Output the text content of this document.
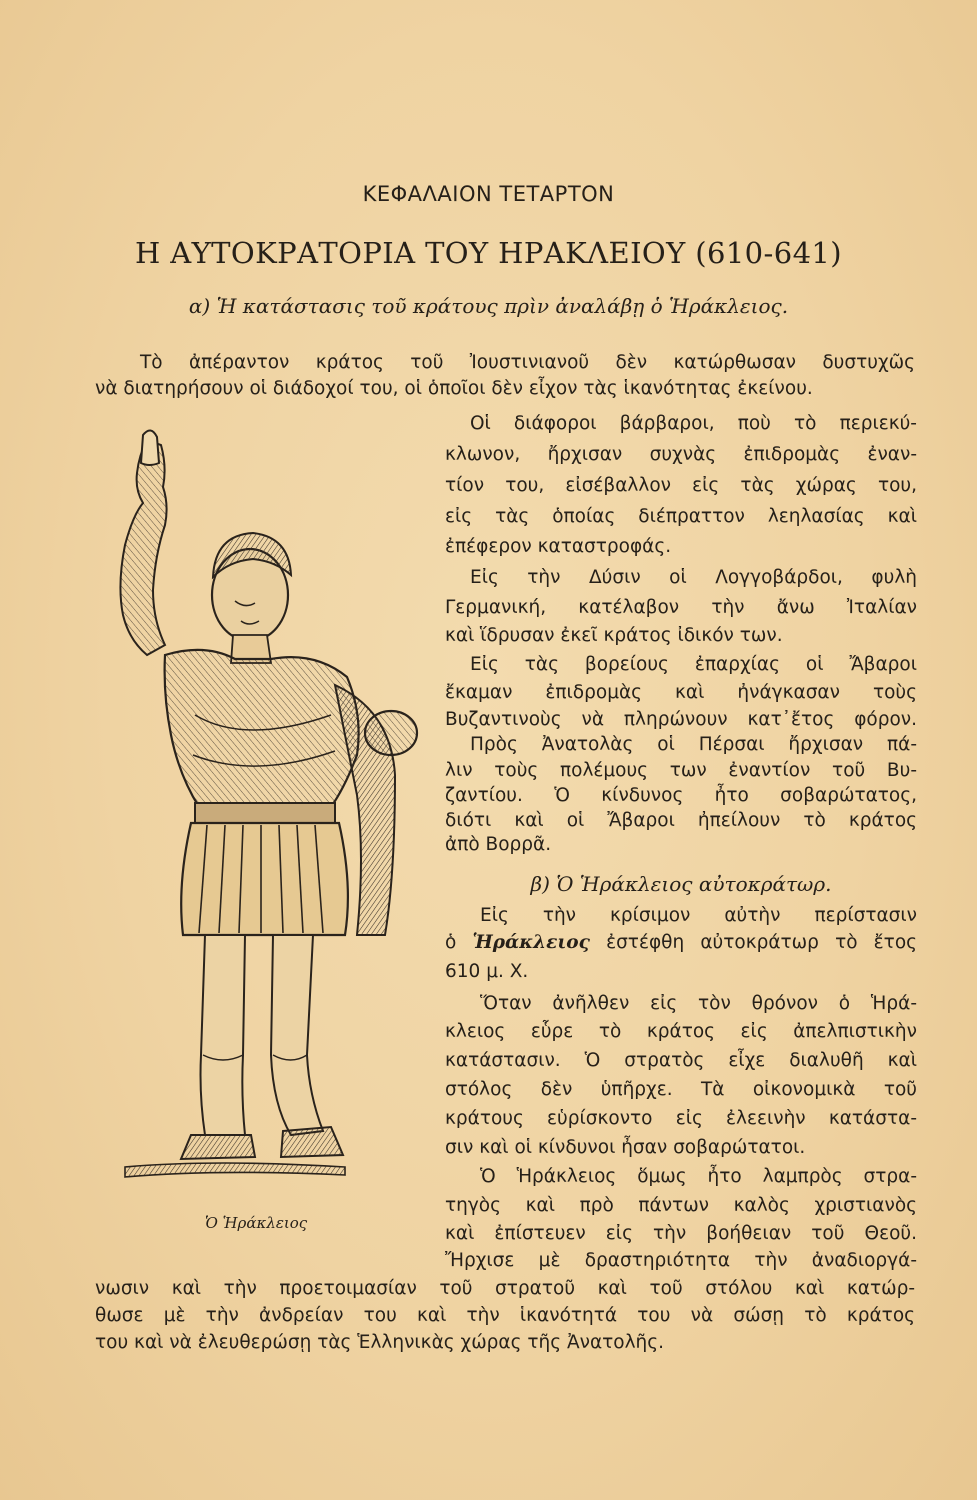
ΚΕΦΑΛΑΙΟΝ ΤΕΤΑΡΤΟΝ
Η ΑΥΤΟΚΡΑΤΟΡΙΑ ΤΟΥ ΗΡΑΚΛΕΙΟΥ (610-641)
α) Ἡ κατάστασις τοῦ κράτους πρὶν ἀναλάβῃ ὁ Ἡράκλειος.
Τὸ ἀπέραντον κράτος τοῦ Ἰουστινιανοῦ δὲν κατώρθωσαν δυστυχῶς
νὰ διατηρήσουν οἱ διάδοχοί του, οἱ ὁποῖοι δὲν εἶχον τὰς ἱκανότητας ἐκείνου.
Οἱ διάφοροι βάρβαροι, ποὺ τὸ περιεκύ-
κλωνον, ἤρχισαν συχνὰς ἐπιδρομὰς ἐναν-
τίον του, εἰσέβαλλον εἰς τὰς χώρας του,
εἰς τὰς ὁποίας διέπραττον λεηλασίας καὶ
ἐπέφερον καταστροφάς.
Εἰς τὴν Δύσιν οἱ Λογγοβάρδοι, φυλὴ
Γερμανική, κατέλαβον τὴν ἄνω Ἰταλίαν
καὶ ἵδρυσαν ἐκεῖ κράτος ἰδικόν των.
Εἰς τὰς βορείους ἐπαρχίας οἱ Ἄβαροι
ἔκαμαν ἐπιδρομὰς καὶ ἠνάγκασαν τοὺς
Βυζαντινοὺς νὰ πληρώνουν κατ᾽ἔτος φόρον.
Πρὸς Ἀνατολὰς οἱ Πέρσαι ἤρχισαν πά-
λιν τοὺς πολέμους των ἐναντίον τοῦ Βυ-
ζαντίου. Ὁ κίνδυνος ἦτο σοβαρώτατος,
διότι καὶ οἱ Ἄβαροι ἠπείλουν τὸ κράτος
ἀπὸ Βορρᾶ.
β) Ὁ Ἡράκλειος αὐτοκράτωρ.
Εἰς τὴν κρίσιμον αὐτὴν περίστασιν
ὁ Ἡράκλειος ἐστέφθη αὐτοκράτωρ τὸ ἔτος
610 μ. Χ.
Ὅταν ἀνῆλθεν εἰς τὸν θρόνον ὁ Ἡρά-
κλειος εὗρε τὸ κράτος εἰς ἀπελπιστικὴν
κατάστασιν. Ὁ στρατὸς εἶχε διαλυθῆ καὶ
στόλος δὲν ὑπῆρχε. Τὰ οἰκονομικὰ τοῦ
κράτους εὑρίσκοντο εἰς ἐλεεινὴν κατάστα-
σιν καὶ οἱ κίνδυνοι ἦσαν σοβαρώτατοι.
Ὁ Ἡράκλειος ὅμως ἦτο λαμπρὸς στρα-
τηγὸς καὶ πρὸ πάντων καλὸς χριστιανὸς
καὶ ἐπίστευεν εἰς τὴν βοήθειαν τοῦ Θεοῦ.
Ἤρχισε μὲ δραστηριότητα τὴν ἀναδιοργά-
νωσιν καὶ τὴν προετοιμασίαν τοῦ στρατοῦ καὶ τοῦ στόλου καὶ κατώρ-
θωσε μὲ τὴν ἀνδρείαν του καὶ τὴν ἱκανότητά του νὰ σώσῃ τὸ κράτος
του καὶ νὰ ἐλευθερώσῃ τὰς Ἑλληνικὰς χώρας τῆς Ἀνατολῆς.
Ὁ Ἡράκλειος
